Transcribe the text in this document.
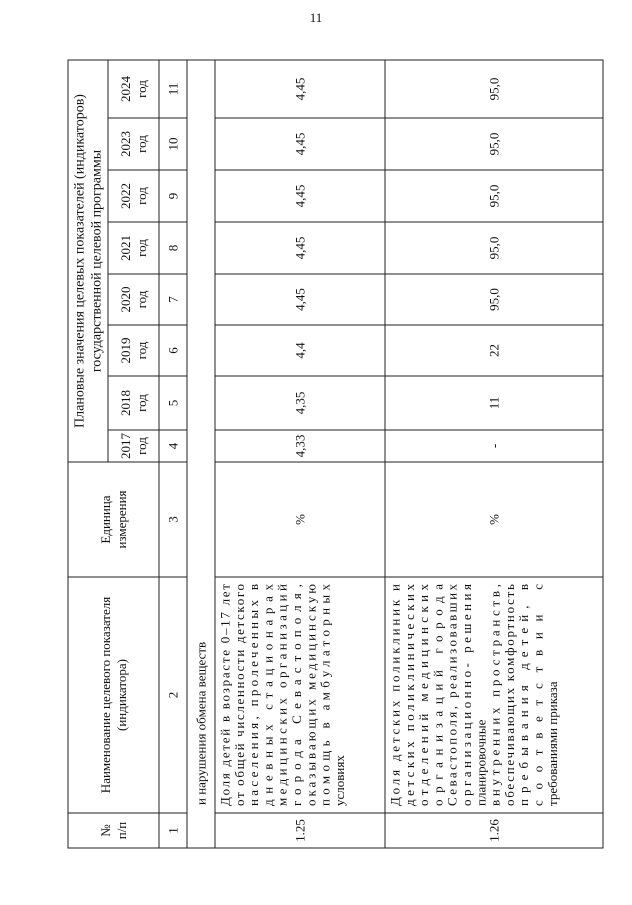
11
№ п/п
Наименование целевого показателя (индикатора)
Единица измерения
Плановые значения целевых показателей (индикаторов) государственной целевой программы
2017 год
2018 год
2019 год
2020 год
2021 год
2022 год
2023 год
2024 год
1
2
3
4
5
6
7
8
9
10
11
и нарушения обмена веществ
1.25
Доля детей в возрасте 0–17 лет
от общей численности детского
населения, пролеченных в
дневных стационарах
медицинских организаций
города Севастополя,
оказывающих медицинскую
помощь в амбулаторных
условиях
%
4,33
4,35
4,4
4,45
4,45
4,45
4,45
4,45
1.26
Доля детских поликлиник и
детских поликлинических
отделений медицинских
организаций города
Севастополя, реализовавших
организационно- решения
планировочные внутренних пространств,
обеспечивающих комфортность
пребывания детей, в
соответствии с
требованиями приказа
%
-
11
22
95,0
95,0
95,0
95,0
95,0
